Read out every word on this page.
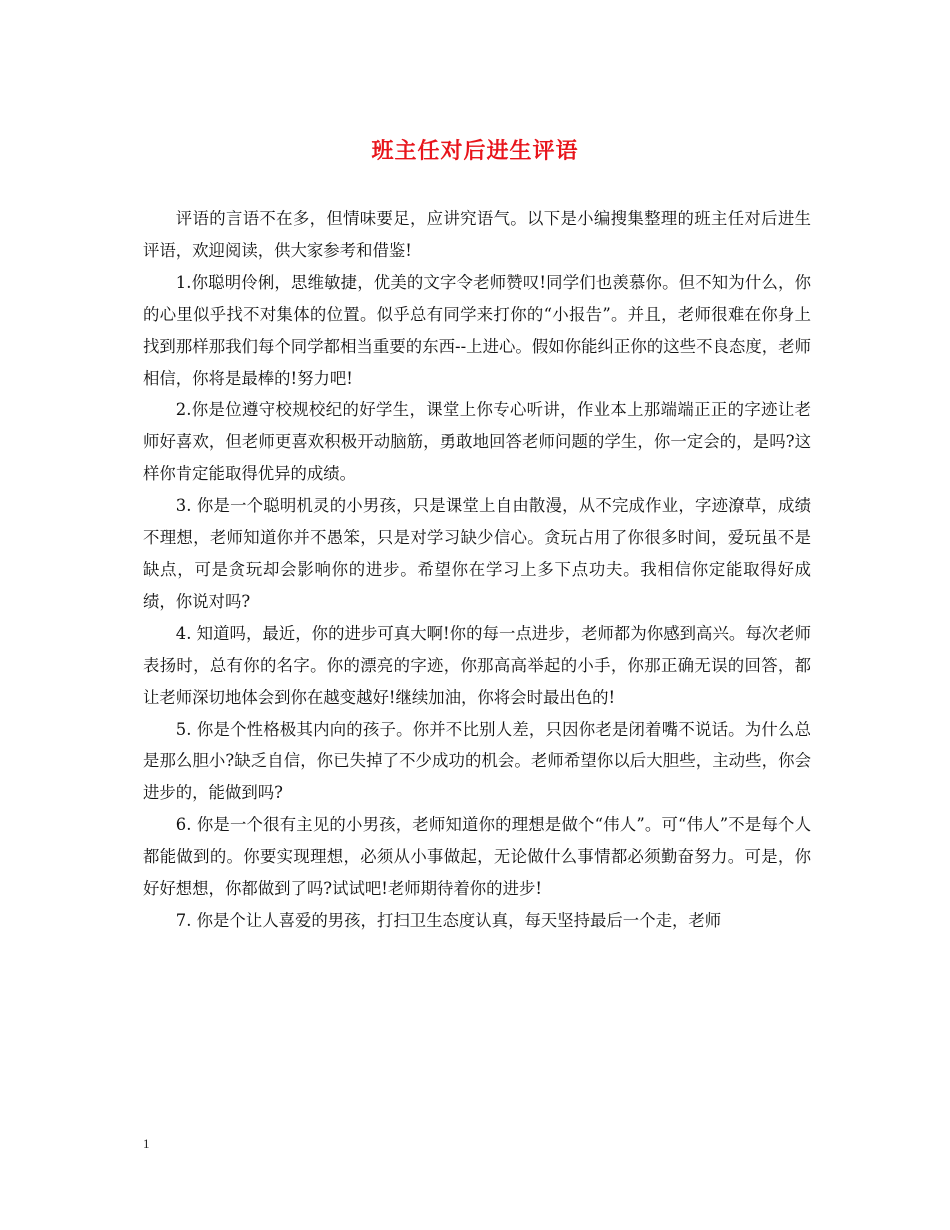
班主任对后进生评语

评语的言语不在多，但情味要足，应讲究语气。以下是小编搜集整理的班主任对后进生评语，欢迎阅读，供大家参考和借鉴!

1.你聪明伶俐，思维敏捷，优美的文字令老师赞叹!同学们也羡慕你。但不知为什么，你的心里似乎找不对集体的位置。似乎总有同学来打你的“小报告”。并且，老师很难在你身上找到那样那我们每个同学都相当重要的东西--上进心。假如你能纠正你的这些不良态度，老师相信，你将是最棒的!努力吧!

2.你是位遵守校规校纪的好学生，课堂上你专心听讲，作业本上那端端正正的字迹让老师好喜欢，但老师更喜欢积极开动脑筋，勇敢地回答老师问题的学生，你一定会的，是吗?这样你肯定能取得优异的成绩。

3. 你是一个聪明机灵的小男孩，只是课堂上自由散漫，从不完成作业，字迹潦草，成绩不理想，老师知道你并不愚笨，只是对学习缺少信心。贪玩占用了你很多时间，爱玩虽不是缺点，可是贪玩却会影响你的进步。希望你在学习上多下点功夫。我相信你定能取得好成绩，你说对吗?

4. 知道吗，最近，你的进步可真大啊!你的每一点进步，老师都为你感到高兴。每次老师表扬时，总有你的名字。你的漂亮的字迹，你那高高举起的小手，你那正确无误的回答，都让老师深切地体会到你在越变越好!继续加油，你将会时最出色的!

5. 你是个性格极其内向的孩子。你并不比别人差，只因你老是闭着嘴不说话。为什么总是那么胆小?缺乏自信，你已失掉了不少成功的机会。老师希望你以后大胆些，主动些，你会进步的，能做到吗?

6. 你是一个很有主见的小男孩，老师知道你的理想是做个“伟人”。可“伟人”不是每个人都能做到的。你要实现理想，必须从小事做起，无论做什么事情都必须勤奋努力。可是，你好好想想，你都做到了吗?试试吧!老师期待着你的进步!

7. 你是个让人喜爱的男孩，打扫卫生态度认真，每天坚持最后一个走，老师

1
